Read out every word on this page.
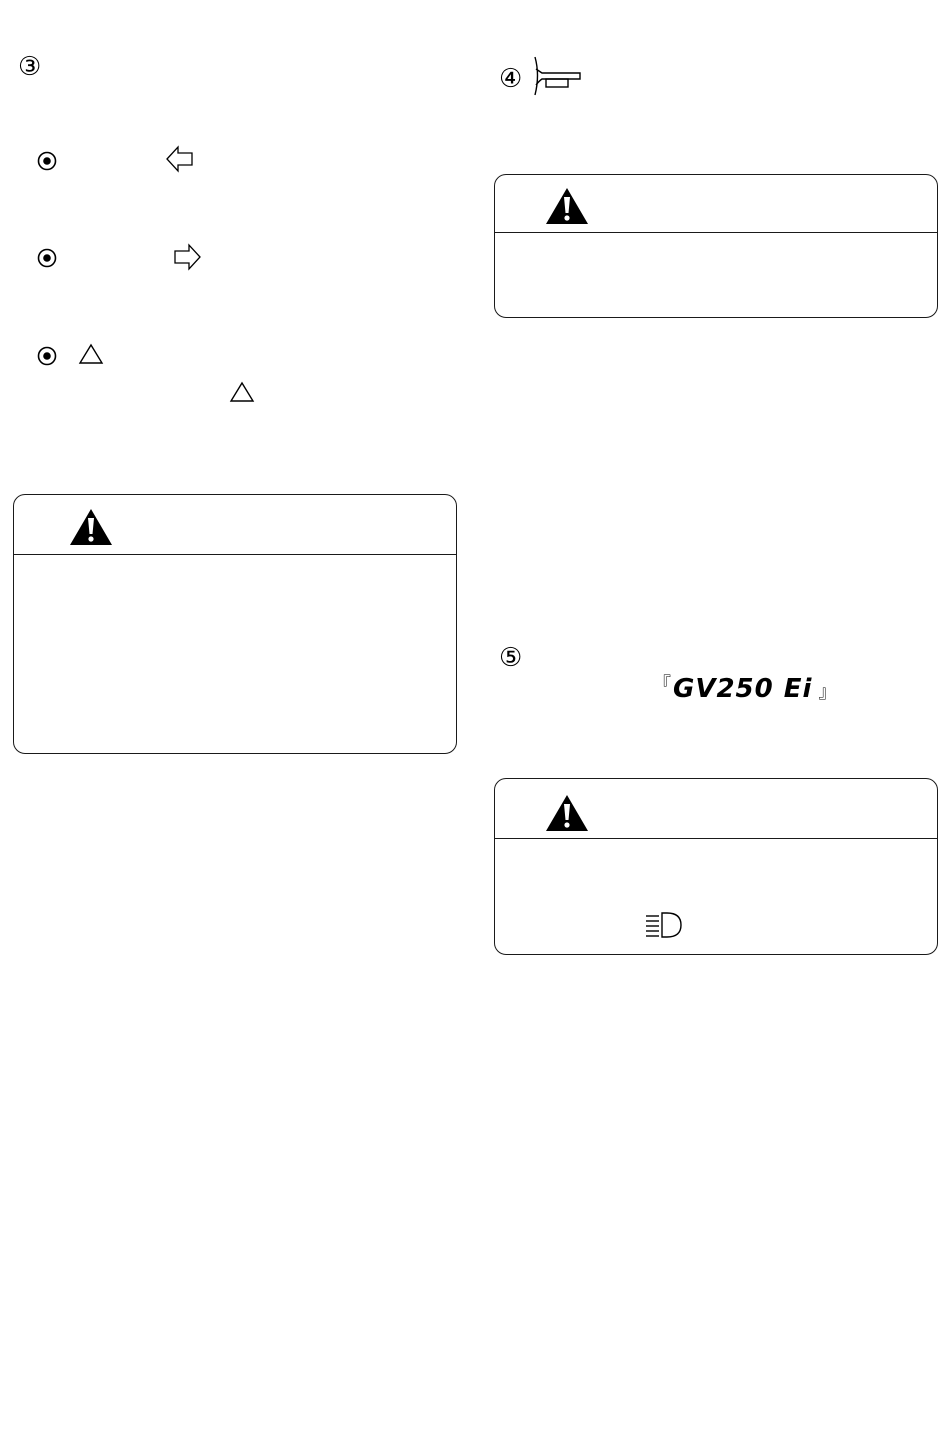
③	④
⑤
『 GV250 Ei 』
